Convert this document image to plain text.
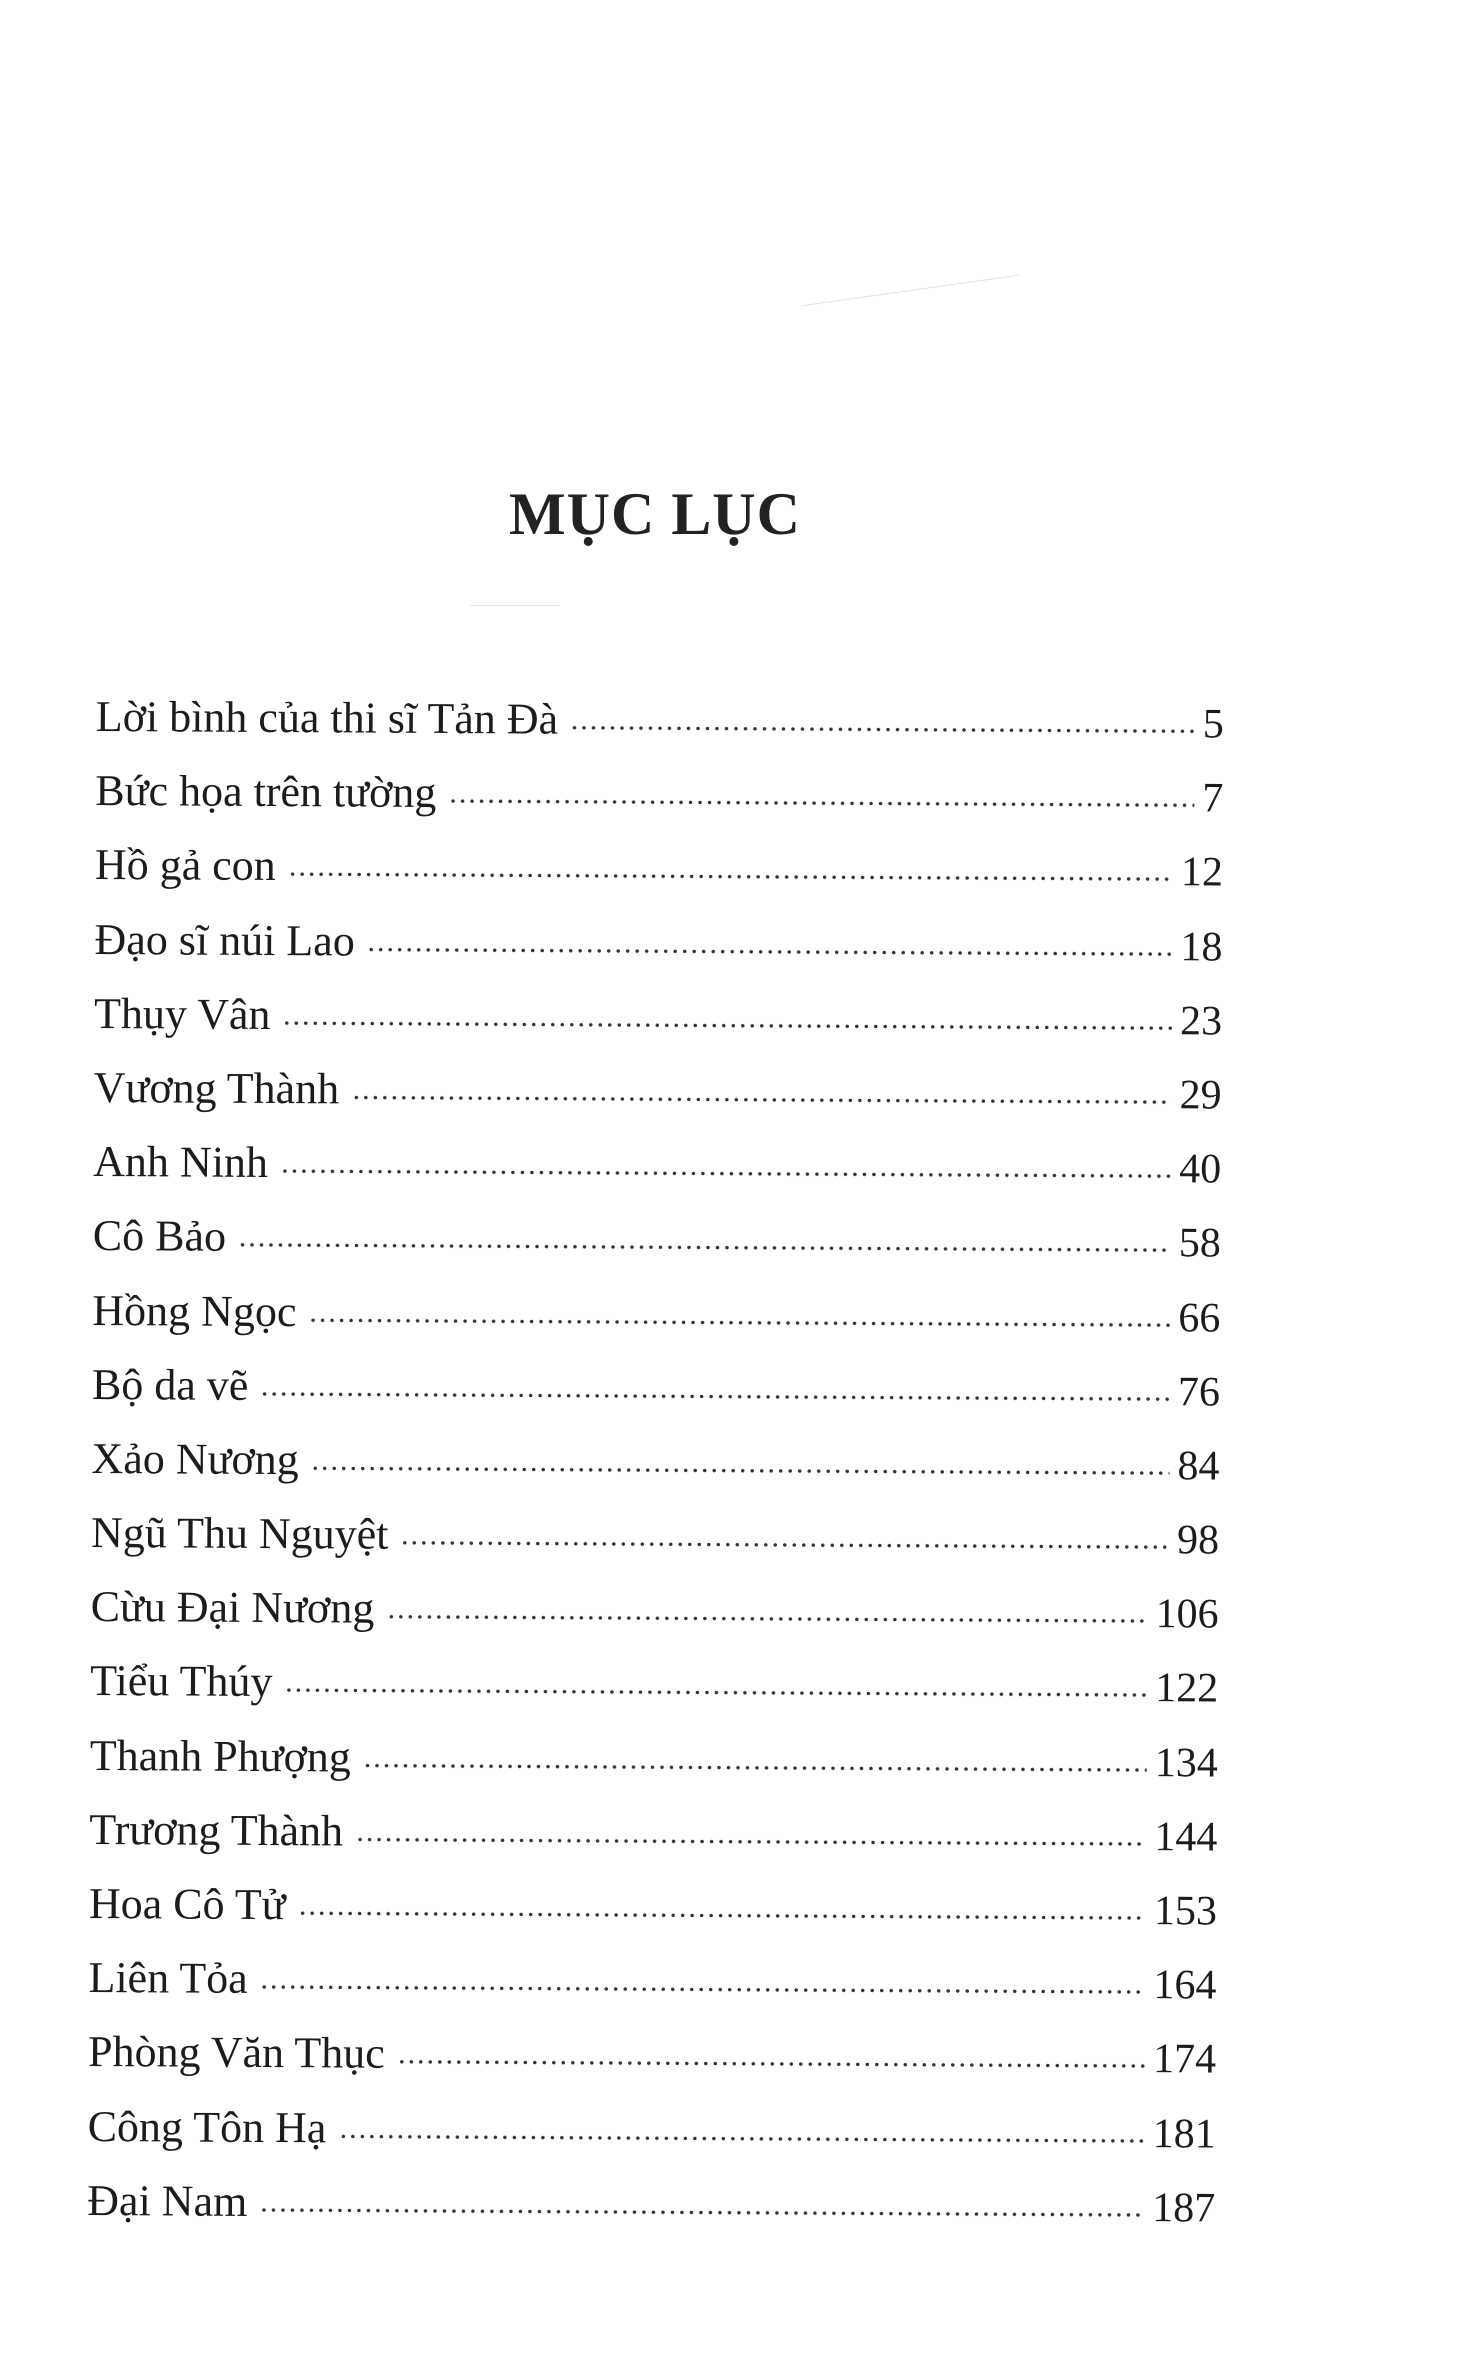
MỤC LỤC
Lời bình của thi sĩ Tản Đà	5
Bức họa trên tường	7
Hồ gả con	12
Đạo sĩ núi Lao	18
Thụy Vân	23
Vương Thành	29
Anh Ninh	40
Cô Bảo	58
Hồng Ngọc	66
Bộ da vẽ	76
Xảo Nương	84
Ngũ Thu Nguyệt	98
Cừu Đại Nương	106
Tiểu Thúy	122
Thanh Phượng	134
Trương Thành	144
Hoa Cô Tử	153
Liên Tỏa	164
Phòng Văn Thục	174
Công Tôn Hạ	181
Đại Nam	187
